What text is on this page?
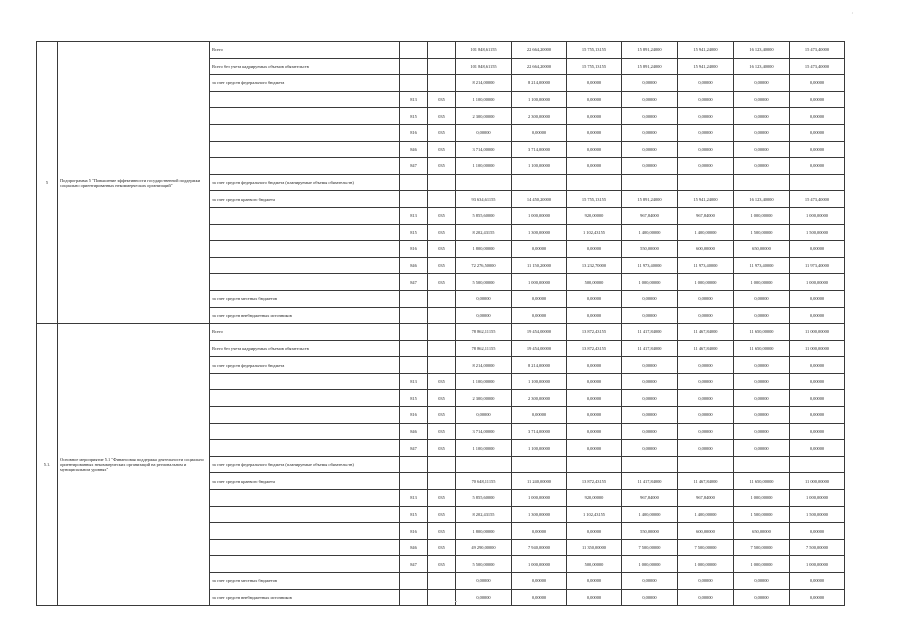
,
5	Подпрограмма 5 "Повышение эффективности государственной поддержки социально ориентированных некоммерческих организаций"	Всего			101 848,61155	22 664,20000	15 755,13155	15 891,24000	15 941,24000	16 123,40000	15 473,40000
		Всего без учета кадрируемых объемов обязательств			101 848,61155	22 664,20000	15 755,13155	15 891,24000	15 941,24000	16 123,40000	15 473,40000
		за счет средств федерального бюджета			8 214,00000	8 214,00000	0,00000	0,00000	0,00000	0,00000	0,00000
			813	035	1 100,00000	1 100,00000	0,00000	0,00000	0,00000	0,00000	0,00000
			815	035	2 300,00000	2 300,00000	0,00000	0,00000	0,00000	0,00000	0,00000
			816	035	0,00000	0,00000	0,00000	0,00000	0,00000	0,00000	0,00000
			846	035	3 714,00000	3 714,00000	0,00000	0,00000	0,00000	0,00000	0,00000
			847	035	1 100,00000	1 100,00000	0,00000	0,00000	0,00000	0,00000	0,00000
		за счет средств федерального бюджета (планируемые объемы обязательств)									
		за счет средств краевого бюджета			93 634,61155	14 450,20000	15 755,13155	15 891,24000	15 941,24000	16 123,40000	15 473,40000
			813	035	5 855,60000	1 000,00000	920,00000	967,84000	967,84000	1 000,00000	1 000,00000
			815	035	8 202,43155	1 300,00000	1 102,43155	1 400,00000	1 400,00000	1 500,00000	1 500,00000
			816	035	1 800,00000	0,00000	0,00000	550,00000	600,00000	650,00000	0,00000
			846	035	72 276,50000	11 150,20000	13 232,70000	11 973,40000	11 973,40000	11 973,40000	11 973,40000
			847	035	5 500,00000	1 000,00000	500,00000	1 000,00000	1 000,00000	1 000,00000	1 000,00000
		за счет средств местных бюджетов			0,00000	0,00000	0,00000	0,00000	0,00000	0,00000	0,00000
		за счет средств внебюджетных источников			0,00000	0,00000	0,00000	0,00000	0,00000	0,00000	0,00000
5.1.	Основное мероприятие 5.1 "Финансовая поддержка деятельности социально ориентированных некоммерческих организаций на региональном и муниципальном уровнях"	Всего			78 862,11155	19 454,00000	13 872,43155	11 417,84000	11 467,84000	11 650,00000	11 000,00000
		Всего без учета кадрируемых объемов обязательств			78 862,11155	19 454,00000	13 872,43155	11 417,84000	11 467,84000	11 650,00000	11 000,00000
		за счет средств федерального бюджета			8 214,00000	8 214,00000	0,00000	0,00000	0,00000	0,00000	0,00000
			813	035	1 100,00000	1 100,00000	0,00000	0,00000	0,00000	0,00000	0,00000
			815	035	2 300,00000	2 300,00000	0,00000	0,00000	0,00000	0,00000	0,00000
			816	035	0,00000	0,00000	0,00000	0,00000	0,00000	0,00000	0,00000
			846	035	3 714,00000	3 714,00000	0,00000	0,00000	0,00000	0,00000	0,00000
			847	035	1 100,00000	1 100,00000	0,00000	0,00000	0,00000	0,00000	0,00000
		за счет средств федерального бюджета (планируемые объемы обязательств)									
		за счет средств краевого бюджета			70 648,11155	11 240,00000	13 872,43155	11 417,84000	11 467,84000	11 650,00000	11 000,00000
			813	035	5 855,60000	1 000,00000	920,00000	967,84000	967,84000	1 000,00000	1 000,00000
			815	035	8 202,43155	1 300,00000	1 102,43155	1 400,00000	1 400,00000	1 500,00000	1 500,00000
			816	035	1 800,00000	0,00000	0,00000	550,00000	600,00000	650,00000	0,00000
			846	035	49 290,00000	7 940,00000	11 350,00000	7 500,00000	7 500,00000	7 500,00000	7 500,00000
			847	035	5 500,00000	1 000,00000	500,00000	1 000,00000	1 000,00000	1 000,00000	1 000,00000
		за счет средств местных бюджетов			0,00000	0,00000	0,00000	0,00000	0,00000	0,00000	0,00000
		за счет средств внебюджетных источников			0,00000	0,00000	0,00000	0,00000	0,00000	0,00000	0,00000
